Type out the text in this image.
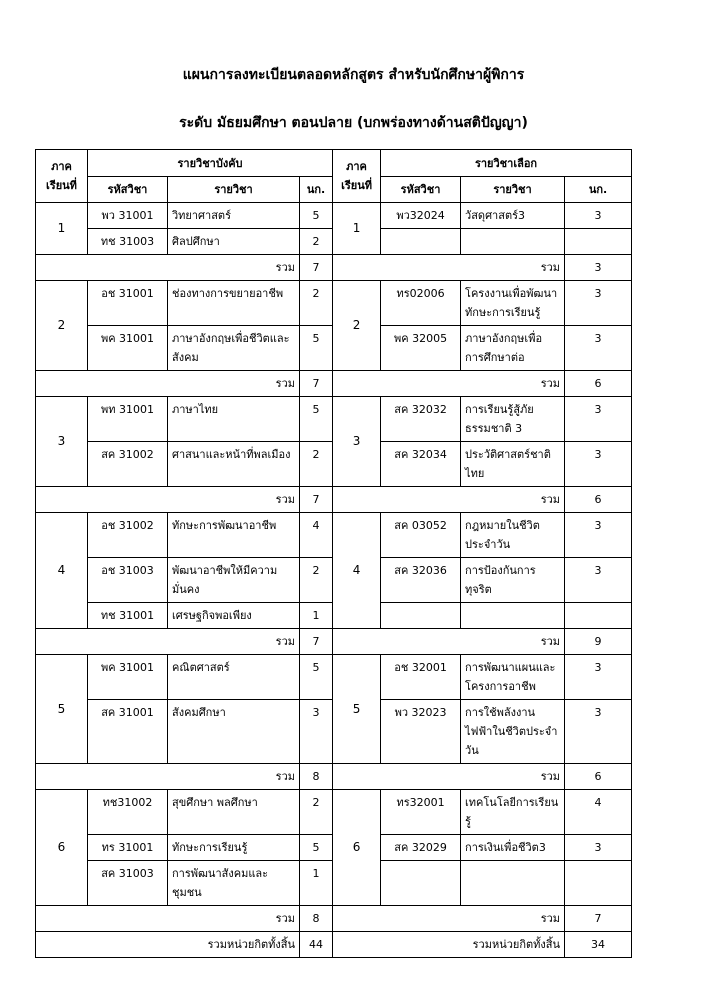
แผนการลงทะเบียนตลอดหลักสูตร สำหรับนักศึกษาผู้พิการ
ระดับ มัธยมศึกษา ตอนปลาย (บกพร่องทางด้านสติปัญญา)
ภาค เรียนที่	รายวิชาบังคับ			ภาค เรียนที่	รายวิชาเลือก		
	รหัสวิชา	รายวิชา	นก.		รหัสวิชา	รายวิชา	นก.
1	พว 31001	วิทยาศาสตร์	5	1	พว32024	วัสดุศาสตร์3	3
	ทช 31003	ศิลปศึกษา	2				
รวม			7	รวม			3
2	อช 31001	ช่องทางการขยายอาชีพ	2	2	ทร02006	โครงงานเพื่อพัฒนาทักษะการเรียนรู้	3
	พค 31001	ภาษาอังกฤษเพื่อชีวิตและสังคม	5		พค 32005	ภาษาอังกฤษเพื่อการศึกษาต่อ	3
รวม			7	รวม			6
3	พท 31001	ภาษาไทย	5	3	สค 32032	การเรียนรู้สู้ภัยธรรมชาติ 3	3
	สค 31002	ศาสนาและหน้าที่พลเมือง	2		สค 32034	ประวัติศาสตร์ชาติไทย	3
รวม			7	รวม			6
4	อช 31002	ทักษะการพัฒนาอาชีพ	4	4	สค 03052	กฎหมายในชีวิตประจำวัน	3
	อช 31003	พัฒนาอาชีพให้มีความมั่นคง	2		สค 32036	การป้องกันการทุจริต	3
	ทช 31001	เศรษฐกิจพอเพียง	1				
รวม			7	รวม			9
5	พค 31001	คณิตศาสตร์	5	5	อช 32001	การพัฒนาแผนและโครงการอาชีพ	3
	สค 31001	สังคมศึกษา	3		พว 32023	การใช้พลังงานไฟฟ้าในชีวิตประจำวัน	3
รวม			8	รวม			6
6	ทช31002	สุขศึกษา พลศึกษา	2	6	ทร32001	เทคโนโลยีการเรียนรู้	4
	ทร 31001	ทักษะการเรียนรู้	5		สค 32029	การเงินเพื่อชีวิต3	3
	สค 31003	การพัฒนาสังคมและชุมชน	1				
รวม			8	รวม			7
รวมหน่วยกิตทั้งสิ้น			44	รวมหน่วยกิตทั้งสิ้น			34
